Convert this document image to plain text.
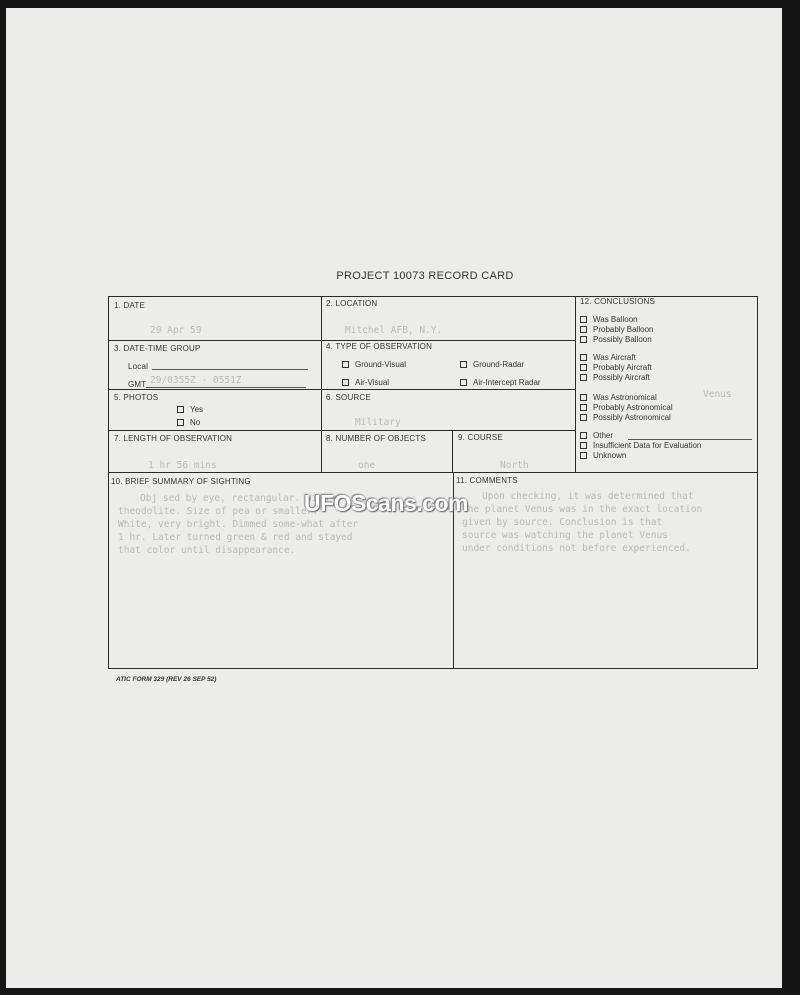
PROJECT 10073 RECORD CARD
1. DATE
29 Apr 59
2. LOCATION
Mitchel AFB, N.Y.
3. DATE-TIME GROUP
Local
GMT 29/0355Z - 0551Z
4. TYPE OF OBSERVATION
Ground-Visual	Ground-Radar
Air-Visual	Air-Intercept Radar
5. PHOTOS
Yes
No
6. SOURCE
Military
7. LENGTH OF OBSERVATION
1 hr 56 mins
8. NUMBER OF OBJECTS
one
9. COURSE
North
10. BRIEF SUMMARY OF SIGHTING
Obj sed by eye, rectangular. With
theodolite. Size of pea or smaller.
White, very bright. Dimmed some-what after
1 hr. Later turned green & red and stayed
that color until disappearance.
11. COMMENTS
Upon checking, it was determined that
the planet Venus was in the exact location
given by source. Conclusion is that
source was watching the planet Venus
under conditions not before experienced.
12. CONCLUSIONS
Was Balloon
Probably Balloon
Possibly Balloon
Was Aircraft
Probably Aircraft
Possibly Aircraft
Was Astronomical	Venus
Probably Astronomical
Possibly Astronomical
Other
Insufficient Data for Evaluation
Unknown
UFOScans.com
ATIC FORM 329 (REV 26 SEP 52)
